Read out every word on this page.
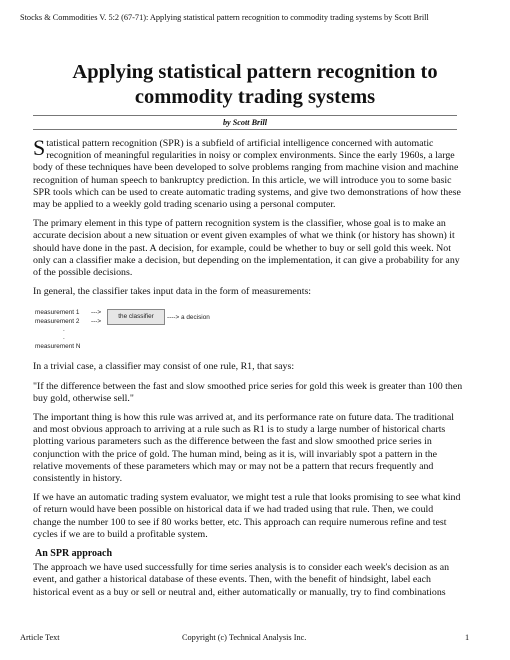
Stocks & Commodities V. 5:2 (67-71): Applying statistical pattern recognition to commodity trading systems by Scott Brill
Applying statistical pattern recognition to
commodity trading systems
by Scott Brill

Statistical pattern recognition (SPR) is a subfield of artificial intelligence concerned with automatic recognition of meaningful regularities in noisy or complex environments. Since the early 1960s, a large body of these techniques have been developed to solve problems ranging from machine vision and machine recognition of human speech to bankruptcy prediction. In this article, we will introduce you to some basic SPR tools which can be used to create automatic trading systems, and give two demonstrations of how these may be applied to a weekly gold trading scenario using a personal computer.

The primary element in this type of pattern recognition system is the classifier, whose goal is to make an accurate decision about a new situation or event given examples of what we think (or history has shown) it should have done in the past. A decision, for example, could be whether to buy or sell gold this week. Not only can a classifier make a decision, but depending on the implementation, it can give a probability for any of the possible decisions.

In general, the classifier takes input data in the form of measurements:

measurement 1 --->
measurement 2 --->
the classifier	----> a decision
.
.
measurement N

In a trivial case, a classifier may consist of one rule, R1, that says:

"If the difference between the fast and slow smoothed price series for gold this week is greater than 100 then buy gold, otherwise sell."

The important thing is how this rule was arrived at, and its performance rate on future data. The traditional and most obvious approach to arriving at a rule such as R1 is to study a large number of historical charts plotting various parameters such as the difference between the fast and slow smoothed price series in conjunction with the price of gold. The human mind, being as it is, will invariably spot a pattern in the relative movements of these parameters which may or may not be a pattern that recurs frequently and consistently in history.

If we have an automatic trading system evaluator, we might test a rule that looks promising to see what kind of return would have been possible on historical data if we had traded using that rule. Then, we could change the number 100 to see if 80 works better, etc. This approach can require numerous refine and test cycles if we are to build a profitable system.

An SPR approach

The approach we have used successfully for time series analysis is to consider each week's decision as an event, and gather a historical database of these events. Then, with the benefit of hindsight, label each historical event as a buy or sell or neutral and, either automatically or manually, try to find combinations

Article Text	Copyright (c) Technical Analysis Inc.	1
